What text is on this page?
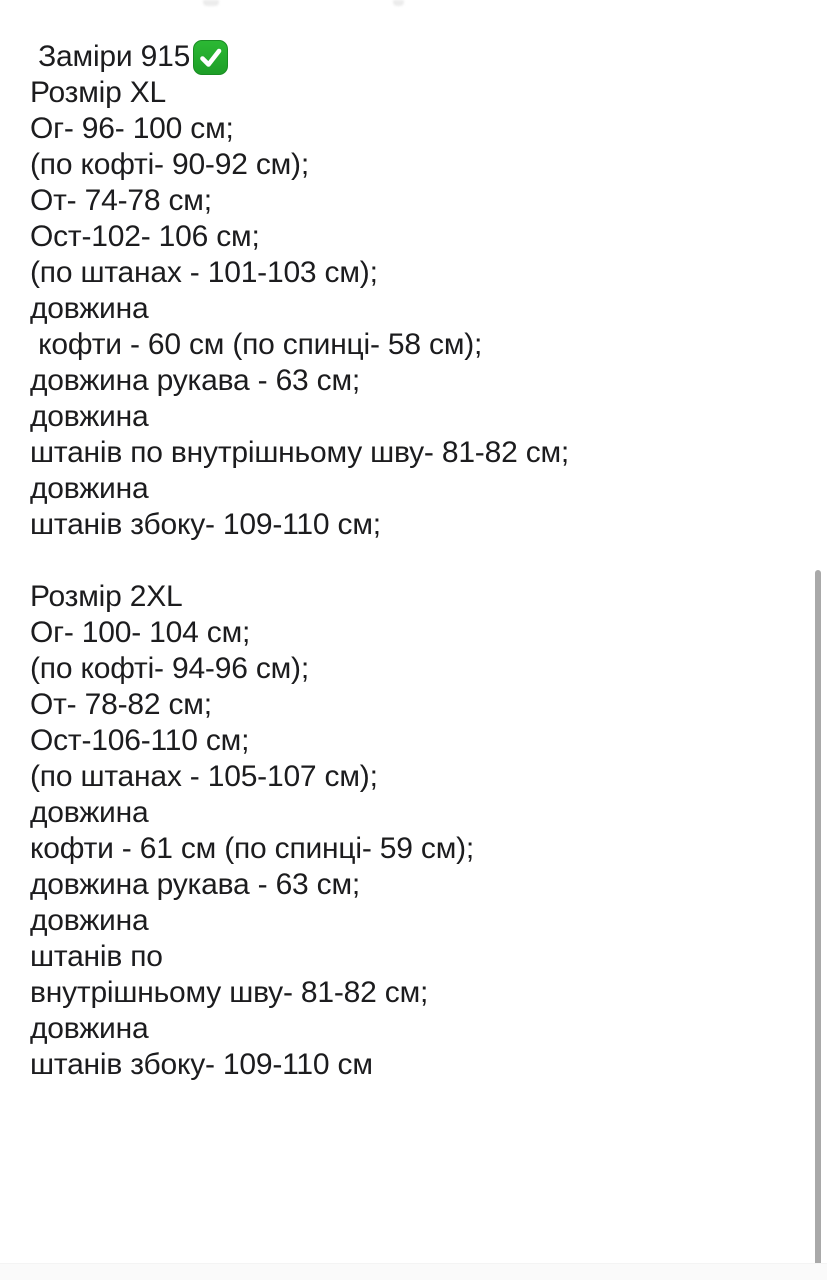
Заміри 915
Розмір XL
Ог- 96- 100 см;
(по кофті- 90-92 см);
От- 74-78 см;
Ост-102- 106 см;
(по штанах - 101-103 см);
довжина
кофти - 60 см (по спинці- 58 см);
довжина рукава - 63 см;
довжина
штанів по внутрішньому шву- 81-82 см;
довжина
штанів збоку- 109-110 см;
Розмір 2XL
Ог- 100- 104 см;
(по кофті- 94-96 см);
От- 78-82 см;
Ост-106-110 см;
(по штанах - 105-107 см);
довжина
кофти - 61 см (по спинці- 59 см);
довжина рукава - 63 см;
довжина
штанів по
внутрішньому шву- 81-82 см;
довжина
штанів збоку- 109-110 см
